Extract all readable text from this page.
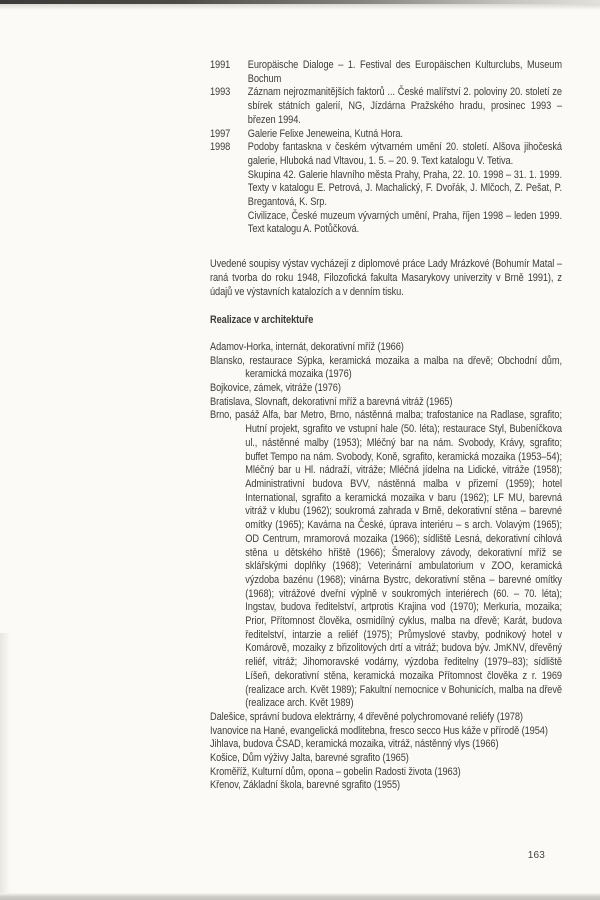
1991	Europäische Dialoge – 1. Festival des Europäischen Kulturclubs, Museum Bochum

1993	Záznam nejrozmanitějších faktorů ... České malířství 2. poloviny 20. století ze sbírek státních galerií, NG, Jízdárna Pražského hradu, prosinec 1993 – březen 1994.

1997	Galerie Felixe Jeneweina, Kutná Hora.

1998	Podoby fantaskna v českém výtvarném umění 20. století. Alšova jihočeská galerie, Hluboká nad Vltavou, 1. 5. – 20. 9. Text katalogu V. Tetiva.

Skupina 42. Galerie hlavního města Prahy, Praha, 22. 10. 1998 – 31. 1. 1999. Texty v katalogu E. Petrová, J. Machalický, F. Dvořák, J. Mlčoch, Z. Pešat, P. Bregantová, K. Srp.

Civilizace, České muzeum vývarných umění, Praha, říjen 1998 – leden 1999. Text katalogu A. Potůčková.

Uvedené soupisy výstav vycházejí z diplomové práce Lady Mrázkové (Bohumír Matal – raná tvorba do roku 1948, Filozofická fakulta Masarykovy univerzity v Brně 1991), z údajů ve výstavních katalozích a v denním tisku.
Realizace v architektuře
Adamov-Horka, internát, dekorativní mříž (1966)
Blansko, restaurace Sýpka, keramická mozaika a malba na dřevě; Obchodní dům, keramická mozaika (1976)
Bojkovice, zámek, vitráže (1976)
Bratislava, Slovnaft, dekorativní mříž a barevná vitráž (1965)
Brno, pasáž Alfa, bar Metro, Brno, nástěnná malba; trafostanice na Radlase, sgrafito; Hutní projekt, sgrafito ve vstupní hale (50. léta); restaurace Styl, Bubeníčkova ul., nástěnné malby (1953); Mléčný bar na nám. Svobody, Krávy, sgrafito; buffet Tempo na nám. Svobody, Koně, sgrafito, keramická mozaika (1953–54); Mléčný bar u Hl. nádraží, vitráže; Mléčná jídelna na Lidické, vitráže (1958); Administrativní budova BVV, nástěnná malba v přizemí (1959); hotel International, sgrafito a keramická mozaika v baru (1962); LF MU, barevná vitráž v klubu (1962); soukromá zahrada v Brně, dekorativní stěna – barevné omítky (1965); Kavárna na České, úprava interiéru – s arch. Volavým (1965); OD Centrum, mramorová mozaika (1966); sídliště Lesná, dekorativní cihlová stěna u dětského hřiště (1966); Šmeralovy závody, dekorativní mříž se sklářskými doplňky (1968); Veterinární ambulatorium v ZOO, keramická výzdoba bazénu (1968); vinárna Bystrc, dekorativní stěna – barevné omítky (1968); vitrážové dveřní výplně v soukromých interiérech (60. – 70. léta); Ingstav, budova ředitelství, artprotis Krajina vod (1970); Merkuria, mozaika; Prior, Přítomnost člověka, osmidílný cyklus, malba na dřevě; Karát, budova ředitelství, intarzie a reliéf (1975); Průmyslové stavby, podnikový hotel v Komárově, mozaiky z břizolitových drtí a vitráž; budova býv. JmKNV, dřevěný reliéf, vitráž; Jihomoravské vodárny, výzdoba ředitelny (1979–83); sídliště Líšeň, dekorativní stěna, keramická mozaika Přítomnost člověka z r. 1969 (realizace arch. Květ 1989); Fakultní nemocnice v Bohunicích, malba na dřevě (realizace arch. Květ 1989)
Dalešice, správní budova elektrárny, 4 dřevěné polychromované reliéfy (1978)
Ivanovice na Hané, evangelická modlitebna, fresco secco Hus káže v přírodě (1954)
Jihlava, budova ČSAD, keramická mozaika, vitráž, nástěnný vlys (1966)
Košice, Dům výživy Jalta, barevné sgrafito (1965)
Kroměříž, Kulturní dům, opona – gobelin Radosti života (1963)
Křenov, Základní škola, barevné sgrafito (1955)
163
